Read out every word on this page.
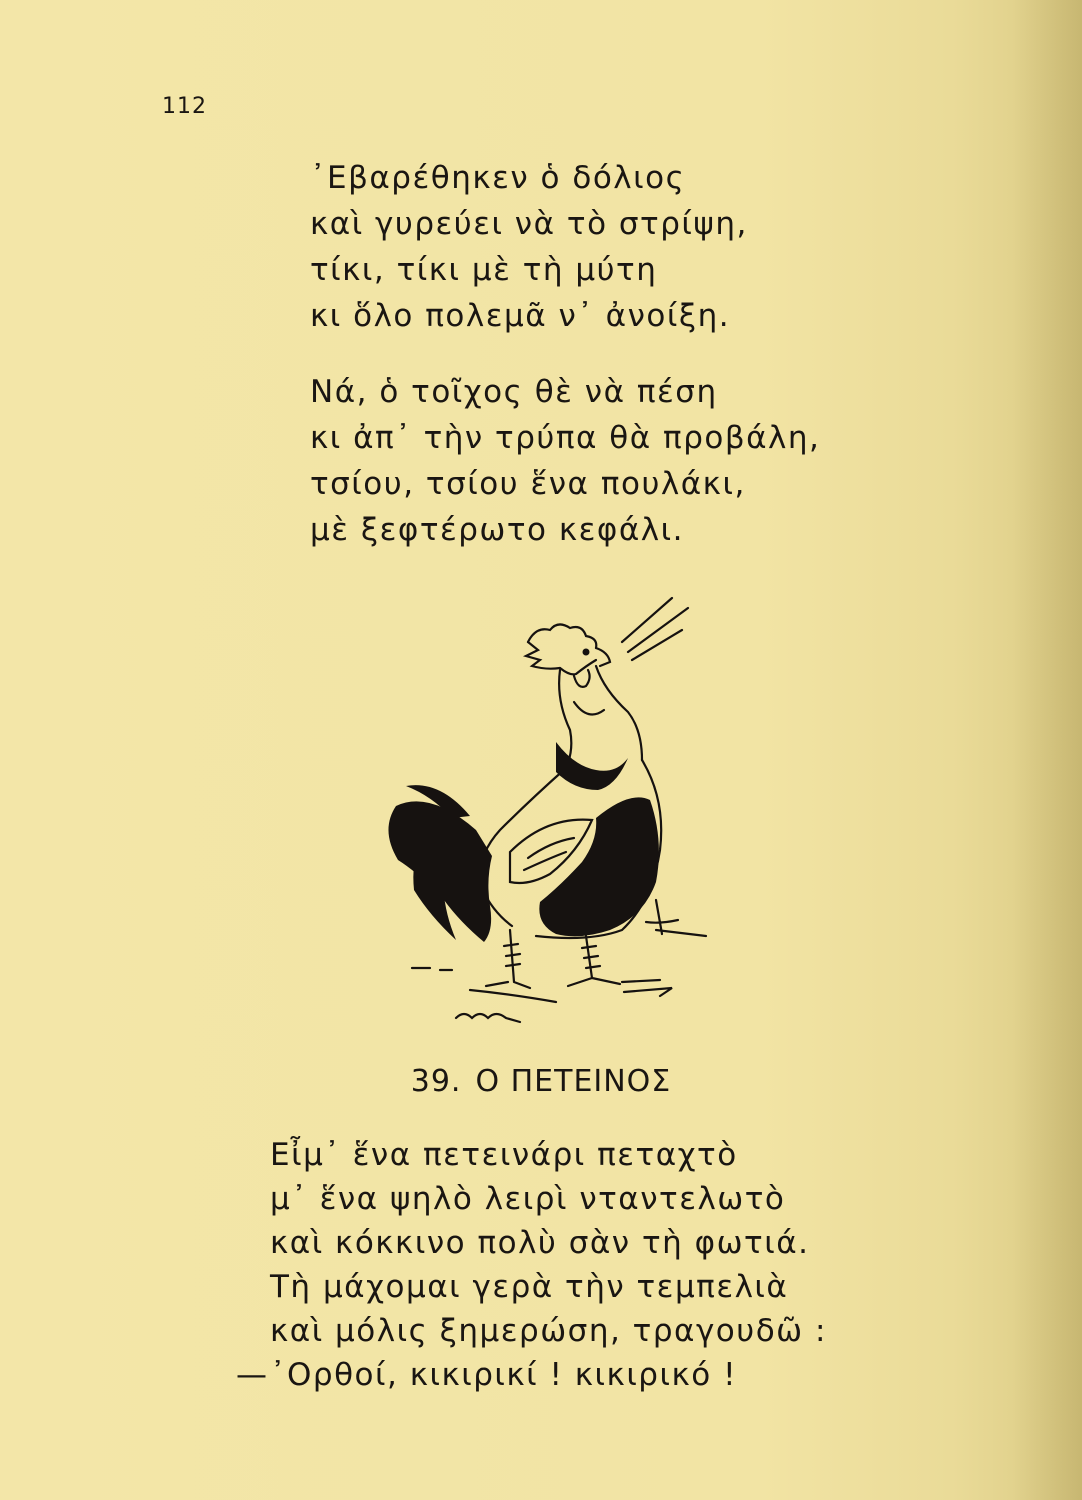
112
᾽Εβαρέθηκεν ὁ δόλιος
καὶ γυρεύει νὰ τὸ στρίψη,
τίκι, τίκι μὲ τὴ μύτη
κι ὅλο πολεμᾶ ν᾽ ἀνοίξη.
Νά, ὁ τοῖχος θὲ νὰ πέση
κι ἀπ᾽ τὴν τρύπα θὰ προβάλη,
τσίου, τσίου ἕνα πουλάκι,
μὲ ξεφτέρωτο κεφάλι.
39. Ο ΠΕΤΕΙΝΟΣ
Εἶμ᾽ ἕνα πετεινάρι πεταχτὸ
μ᾽ ἕνα ψηλὸ λειρὶ νταντελωτὸ
καὶ κόκκινο πολὺ σὰν τὴ φωτιά.
Τὴ μάχομαι γερὰ τὴν τεμπελιὰ
καὶ μόλις ξημερώση, τραγουδῶ :
—᾽Ορθοί, κικιρικί ! κικιρικό !
